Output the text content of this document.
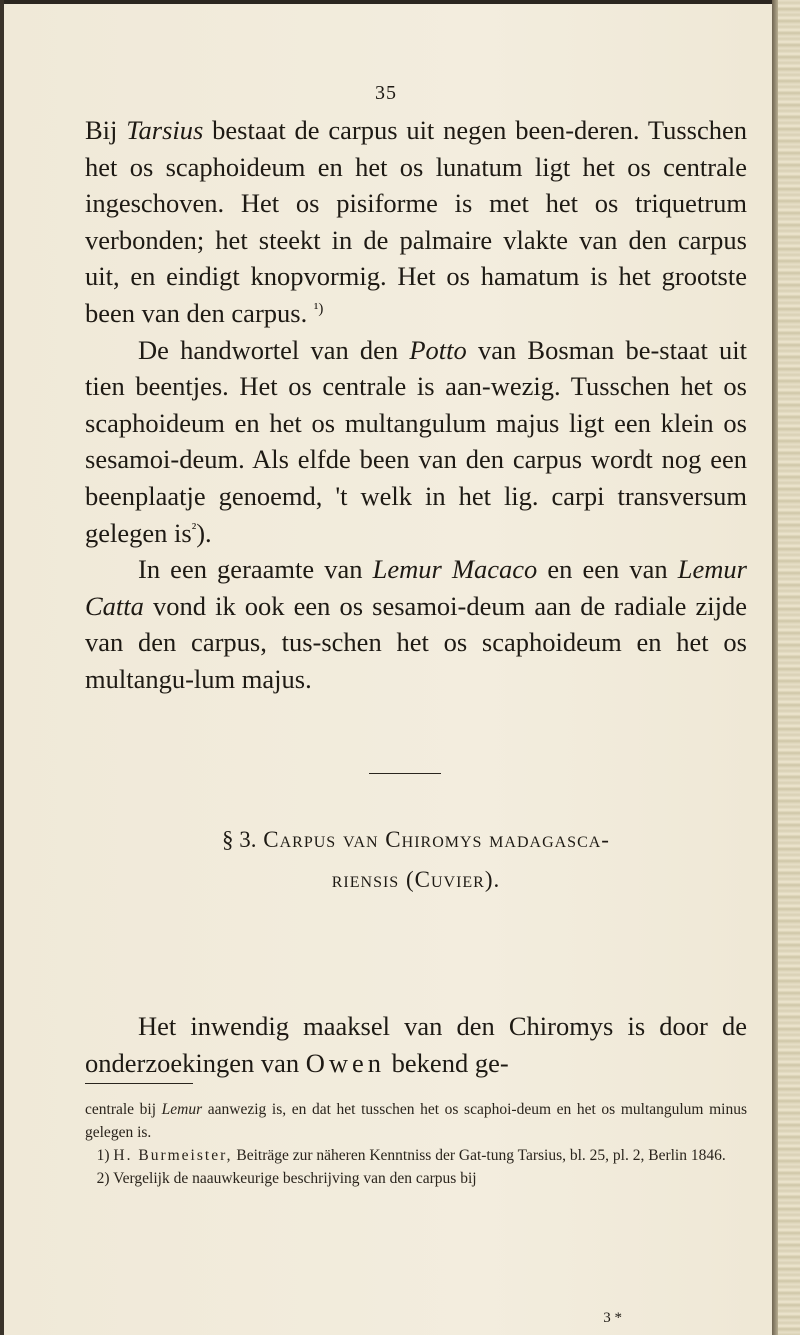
35

Bij Tarsius bestaat de carpus uit negen been-deren. Tusschen het os scaphoideum en het os lunatum ligt het os centrale ingeschoven. Het os pisiforme is met het os triquetrum verbonden; het steekt in de palmaire vlakte van den carpus uit, en eindigt knopvormig. Het os hamatum is het grootste been van den carpus. $^{^1)}$

De handwortel van den Potto van Bosman be-staat uit tien beentjes. Het os centrale is aan-wezig. Tusschen het os scaphoideum en het os multangulum majus ligt een klein os sesamoi-deum. Als elfde been van den carpus wordt nog een beenplaatje genoemd, 't welk in het lig. carpi transversum gelegen $is^{^2}$).

In een geraamte van Lemur Macaco en een van Lemur Catta vond ik ook een os sesamoi-deum aan de radiale zijde van den carpus, tus-schen het os scaphoideum en het os multangu-lum majus.

§ 3. Carpus van Chiromys madagasca-
riensis (Cuvier).

Het inwendig maaksel van den Chiromys is door de onderzoekingen van Owen bekend ge-

centrale bij Lemur aanwezig is, en dat het tusschen het os scaphoi-deum en het os multangulum minus gelegen is.

1) H. Burmeister, Beiträge zur näheren Kenntniss der Gat-tung Tarsius, bl. 25, pl. 2, Berlin 1846.

2) Vergelijk de naauwkeurige beschrijving van den carpus bij

3 *
